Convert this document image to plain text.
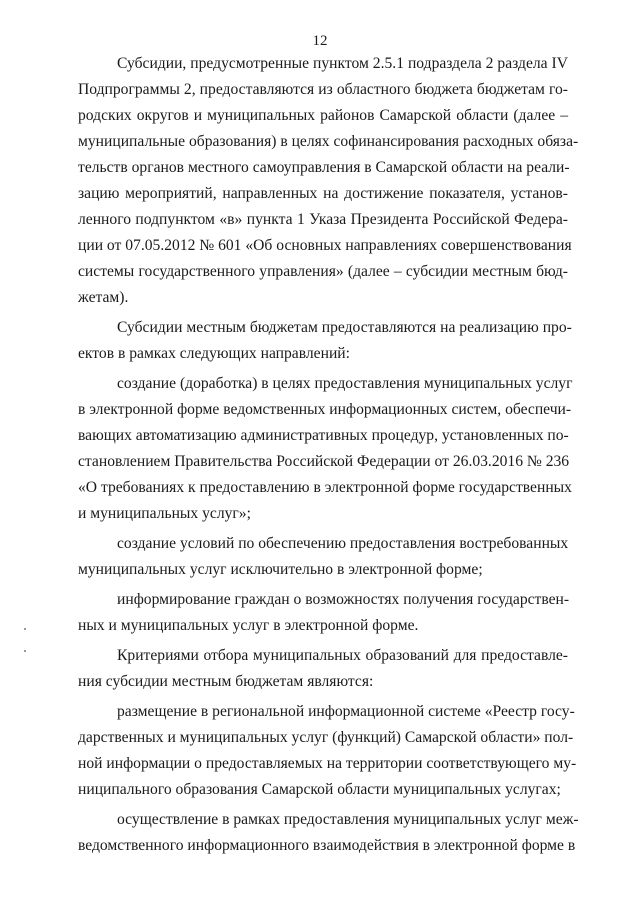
12
Субсидии, предусмотренные пунктом 2.5.1 подраздела 2 раздела IV
Подпрограммы 2, предоставляются из областного бюджета бюджетам го-
родских округов и муниципальных районов Самарской области (далее –
муниципальные образования) в целях софинансирования расходных обяза-
тельств органов местного самоуправления в Самарской области на реали-
зацию мероприятий, направленных на достижение показателя, установ-
ленного подпунктом «в» пункта 1 Указа Президента Российской Федера-
ции от 07.05.2012 № 601 «Об основных направлениях совершенствования
системы государственного управления» (далее – субсидии местным бюд-
жетам).
Субсидии местным бюджетам предоставляются на реализацию про-
ектов в рамках следующих направлений:
создание (доработка) в целях предоставления муниципальных услуг
в электронной форме ведомственных информационных систем, обеспечи-
вающих автоматизацию административных процедур, установленных по-
становлением Правительства Российской Федерации от 26.03.2016 № 236
«О требованиях к предоставлению в электронной форме государственных
и муниципальных услуг»;
создание условий по обеспечению предоставления востребованных
муниципальных услуг исключительно в электронной форме;
информирование граждан о возможностях получения государствен-
ных и муниципальных услуг в электронной форме.
Критериями отбора муниципальных образований для предоставле-
ния субсидии местным бюджетам являются:
размещение в региональной информационной системе «Реестр госу-
дарственных и муниципальных услуг (функций) Самарской области» пол-
ной информации о предоставляемых на территории соответствующего му-
ниципального образования Самарской области муниципальных услугах;
осуществление в рамках предоставления муниципальных услуг меж-
ведомственного информационного взаимодействия в электронной форме в
